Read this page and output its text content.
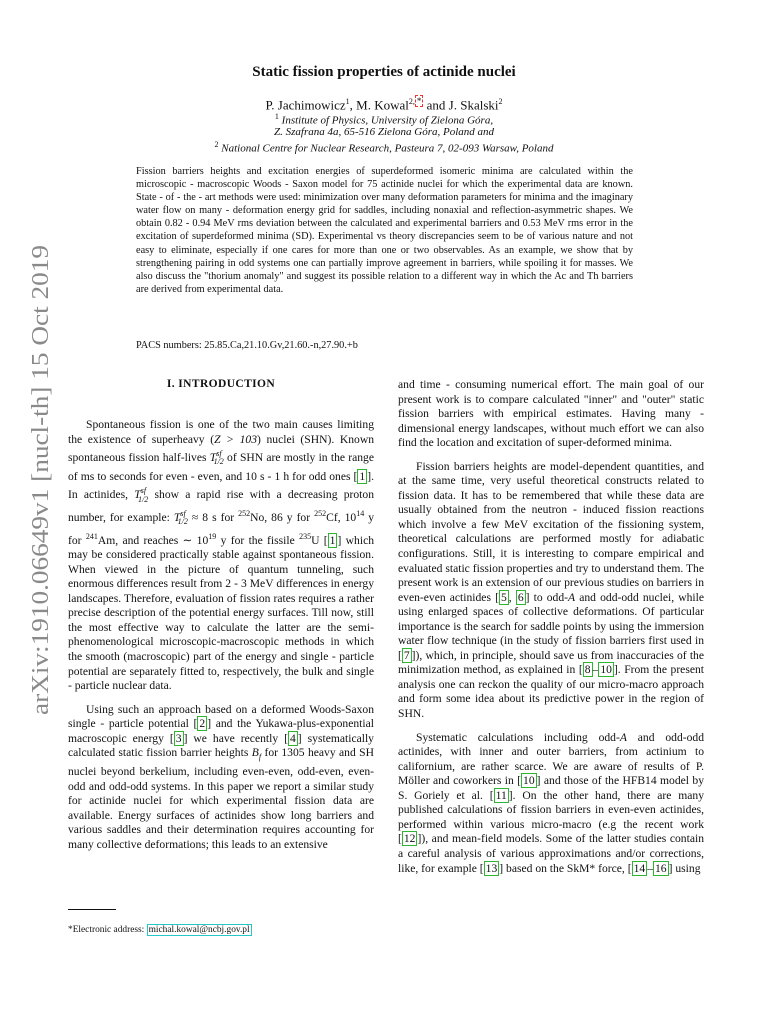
arXiv:1910.06649v1 [nucl-th] 15 Oct 2019
Static fission properties of actinide nuclei
P. Jachimowicz$^1$, M. Kowal$^{2,}$ * and J. Skalski$^2$
$^1$ Institute of Physics, University of Zielona Góra,
Z. Szafrana 4a, 65-516 Zielona Góra, Poland and
$^2$ National Centre for Nuclear Research, Pasteura 7, 02-093 Warsaw, Poland

Fission barriers heights and excitation energies of superdeformed isomeric minima are calculated within the microscopic - macroscopic Woods - Saxon model for 75 actinide nuclei for which the experimental data are known. State - of - the - art methods were used: minimization over many deformation parameters for minima and the imaginary water flow on many - deformation energy grid for saddles, including nonaxial and reflection-asymmetric shapes. We obtain 0.82 - 0.94 MeV rms deviation between the calculated and experimental barriers and 0.53 MeV rms error in the excitation of superdeformed minima (SD). Experimental vs theory discrepancies seem to be of various nature and not easy to eliminate, especially if one cares for more than one or two observables. As an example, we show that by strengthening pairing in odd systems one can partially improve agreement in barriers, while spoiling it for masses. We also discuss the "thorium anomaly" and suggest its possible relation to a different way in which the Ac and Th barriers are derived from experimental data.

PACS numbers: 25.85.Ca,21.10.Gv,21.60.-n,27.90.+b

I. INTRODUCTION

Spontaneous fission is one of the two main causes limiting the existence of superheavy (Z > 103) nuclei (SHN). Known spontaneous fission half-lives $T^{sf}_{1/2}$ of SHN are mostly in the range of ms to seconds for even - even, and 10 s - 1 h for odd ones [ 1 ]. In actinides, $T^{sf}_{1/2}$ show a rapid rise with a decreasing proton number, for example: $T^{sf}_{1/2} \approx 8$ s for $^{252}$No, 86 y for $^{252}$Cf, $10^{14}$ y for $^{241}$Am, and reaches ∼ $10^{19}$ y for the fissile $^{235}$U [ 1 ] which may be considered practically stable against spontaneous fission. When viewed in the picture of quantum tunneling, such enormous differences result from 2 - 3 MeV differences in energy landscapes. Therefore, evaluation of fission rates requires a rather precise description of the potential energy surfaces. Till now, still the most effective way to calculate the latter are the semi-phenomenological microscopic-macroscopic methods in which the smooth (macroscopic) part of the energy and single - particle potential are separately fitted to, respectively, the bulk and single - particle nuclear data.

Using such an approach based on a deformed Woods-Saxon single - particle potential [ 2 ] and the Yukawa-plus-exponential macroscopic energy [ 3 ] we have recently [ 4 ] systematically calculated static fission barrier heights $B_f$ for 1305 heavy and SH nuclei beyond berkelium, including even-even, odd-even, even-odd and odd-odd systems. In this paper we report a similar study for actinide nuclei for which experimental fission data are available. Energy surfaces of actinides show long barriers and various saddles and their determination requires accounting for many collective deformations; this leads to an extensive

and time - consuming numerical effort. The main goal of our present work is to compare calculated "inner" and "outer" static fission barriers with empirical estimates. Having many - dimensional energy landscapes, without much effort we can also find the location and excitation of super-deformed minima.

Fission barriers heights are model-dependent quantities, and at the same time, very useful theoretical constructs related to fission data. It has to be remembered that while these data are usually obtained from the neutron - induced fission reactions which involve a few MeV excitation of the fissioning system, theoretical calculations are performed mostly for adiabatic configurations. Still, it is interesting to compare empirical and evaluated static fission properties and try to understand them. The present work is an extension of our previous studies on barriers in even-even actinides [ 5 , 6 ] to odd-A and odd-odd nuclei, while using enlarged spaces of collective deformations. Of particular importance is the search for saddle points by using the immersion water flow technique (in the study of fission barriers first used in [ 7 ]), which, in principle, should save us from inaccuracies of the minimization method, as explained in [ 8 – 10 ]. From the present analysis one can reckon the quality of our micro-macro approach and form some idea about its predictive power in the region of SHN.

Systematic calculations including odd-A and odd-odd actinides, with inner and outer barriers, from actinium to californium, are rather scarce. We are aware of results of P. Möller and coworkers in [ 10 ] and those of the HFB14 model by S. Goriely et al. [ 11 ]. On the other hand, there are many published calculations of fission barriers in even-even actinides, performed within various micro-macro (e.g the recent work [ 12 ]), and mean-field models. Some of the latter studies contain a careful analysis of various approximations and/or corrections, like, for example [ 13 ] based on the SkM* force, [ 14 – 16 ] using

*Electronic address: michal.kowal@ncbj.gov.pl
